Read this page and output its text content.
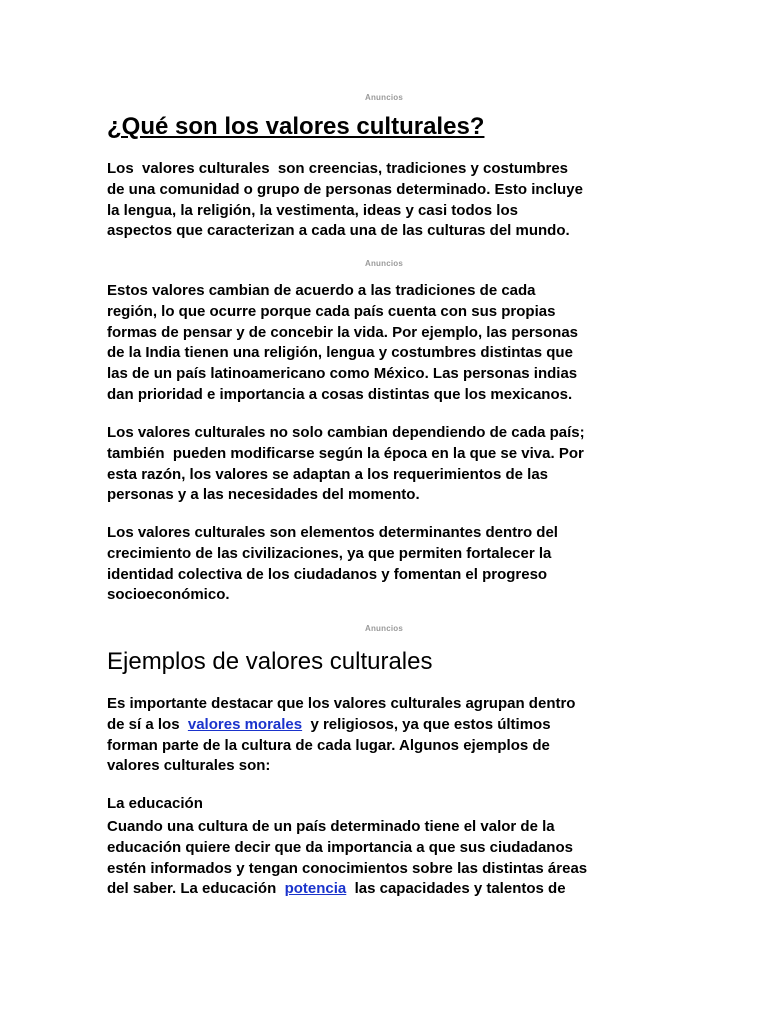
Anuncios
¿Qué son los valores culturales?

Los  valores culturales  son creencias, tradiciones y costumbres
de una comunidad o grupo de personas determinado. Esto incluye
la lengua, la religión, la vestimenta, ideas y casi todos los
aspectos que caracterizan a cada una de las culturas del mundo.

Anuncios

Estos valores cambian de acuerdo a las tradiciones de cada
región, lo que ocurre porque cada país cuenta con sus propias
formas de pensar y de concebir la vida. Por ejemplo, las personas
de la India tienen una religión, lengua y costumbres distintas que
las de un país latinoamericano como México. Las personas indias
dan prioridad e importancia a cosas distintas que los mexicanos.

Los valores culturales no solo cambian dependiendo de cada país;
también  pueden modificarse según la época en la que se viva. Por
esta razón, los valores se adaptan a los requerimientos de las
personas y a las necesidades del momento.

Los valores culturales son elementos determinantes dentro del
crecimiento de las civilizaciones, ya que permiten fortalecer la
identidad colectiva de los ciudadanos y fomentan el progreso
socioeconómico.

Anuncios
Ejemplos de valores culturales

Es importante destacar que los valores culturales agrupan dentro
de sí a los  valores morales  y religiosos, ya que estos últimos
forman parte de la cultura de cada lugar. Algunos ejemplos de
valores culturales son:

La educación

Cuando una cultura de un país determinado tiene el valor de la
educación quiere decir que da importancia a que sus ciudadanos
estén informados y tengan conocimientos sobre las distintas áreas
del saber. La educación  potencia  las capacidades y talentos de
